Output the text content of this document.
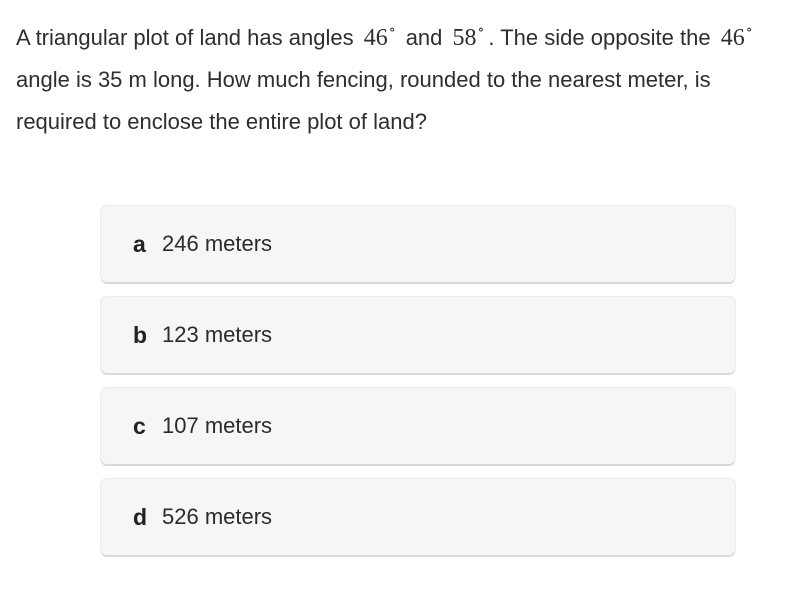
A triangular plot of land has angles 46∘ and 58∘ . The side opposite the 46∘ angle is 35 m long. How much fencing, rounded to the nearest meter, is required to enclose the entire plot of land?
a 246 meters
b 123 meters
c 107 meters
d 526 meters
